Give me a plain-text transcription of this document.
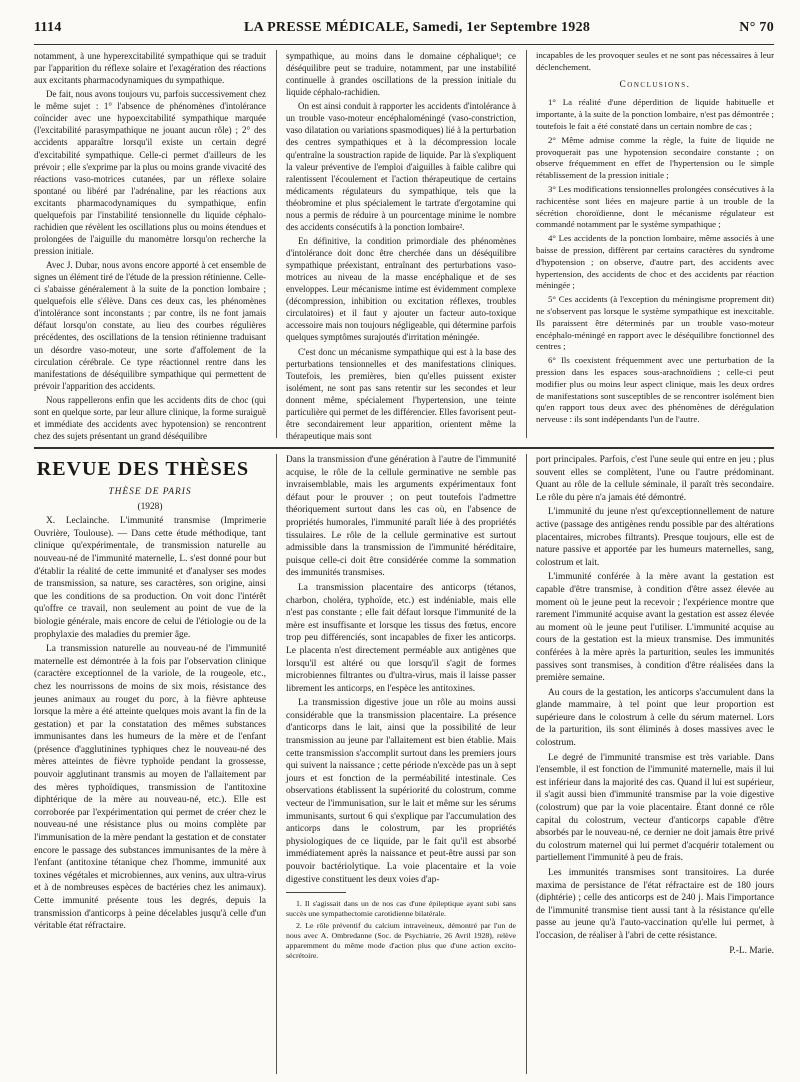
1114	LA PRESSE MÉDICALE, Samedi, 1er Septembre 1928	N° 70

notamment, à une hyperexcitabilité sympathique qui se traduit par l'apparition du réflexe solaire et l'exagération des réactions aux excitants pharmacodynamiques du sympathique.

De fait, nous avons toujours vu, parfois successivement chez le même sujet : 1° l'absence de phénomènes d'intolérance coïncider avec une hypoexcitabilité sympathique marquée (l'excitabilité parasympathique ne jouant aucun rôle) ; 2° des accidents apparaître lorsqu'il existe un certain degré d'excitabilité sympathique. Celle-ci permet d'ailleurs de les prévoir ; elle s'exprime par la plus ou moins grande vivacité des réactions vaso-motrices cutanées, par un réflexe solaire spontané ou libéré par l'adrénaline, par les réactions aux excitants pharmacodynamiques du sympathique, enfin quelquefois par l'instabilité tensionnelle du liquide céphalo-rachidien que révèlent les oscillations plus ou moins étendues et prolongées de l'aiguille du manomètre lorsqu'on recherche la pression initiale.

Avec J. Dubar, nous avons encore apporté à cet ensemble de signes un élément tiré de l'étude de la pression rétinienne. Celle-ci s'abaisse généralement à la suite de la ponction lombaire ; quelquefois elle s'élève. Dans ces deux cas, les phénomènes d'intolérance sont inconstants ; par contre, ils ne font jamais défaut lorsqu'on constate, au lieu des courbes régulières précédentes, des oscillations de la tension rétinienne traduisant un désordre vaso-moteur, une sorte d'affolement de la circulation cérébrale. Ce type réactionnel rentre dans les manifestations de déséquilibre sympathique qui permettent de prévoir l'apparition des accidents.

Nous rappellerons enfin que les accidents dits de choc (qui sont en quelque sorte, par leur allure clinique, la forme suraiguë et immédiate des accidents avec hypotension) se rencontrent chez des sujets présentant un grand déséquilibre

sympathique, au moins dans le domaine céphalique¹; ce déséquilibre peut se traduire, notamment, par une instabilité continuelle à grandes oscillations de la pression initiale du liquide céphalo-rachidien.

On est ainsi conduit à rapporter les accidents d'intolérance à un trouble vaso-moteur encéphaloméningé (vaso-constriction, vaso dilatation ou variations spasmodiques) lié à la perturbation des centres sympathiques et à la décompression locale qu'entraîne la soustraction rapide de liquide. Par là s'expliquent la valeur préventive de l'emploi d'aiguilles à faible calibre qui ralentissent l'écoulement et l'action thérapeutique de certains médicaments régulateurs du sympathique, tels que la théobromine et plus spécialement le tartrate d'ergotamine qui nous a permis de réduire à un pourcentage minime le nombre des accidents consécutifs à la ponction lombaire².

En définitive, la condition primordiale des phénomènes d'intolérance doit donc être cherchée dans un déséquilibre sympathique préexistant, entraînant des perturbations vaso-motrices au niveau de la masse encéphalique et de ses enveloppes. Leur mécanisme intime est évidemment complexe (décompression, inhibition ou excitation réflexes, troubles circulatoires) et il faut y ajouter un facteur auto-toxique accessoire mais non toujours négligeable, qui détermine parfois quelques symptômes surajoutés d'irritation méningée.

C'est donc un mécanisme sympathique qui est à la base des perturbations tensionnelles et des manifestations cliniques. Toutefois, les premières, bien qu'elles puissent exister isolément, ne sont pas sans retentir sur les secondes et leur donnent même, spécialement l'hypertension, une teinte particulière qui permet de les différencier. Elles favorisent peut-être secondairement leur apparition, orientent même la thérapeutique mais sont

incapables de les provoquer seules et ne sont pas nécessaires à leur déclenchement.

Conclusions.

1° La réalité d'une déperdition de liquide habituelle et importante, à la suite de la ponction lombaire, n'est pas démontrée ; toutefois le fait a été constaté dans un certain nombre de cas ;

2° Même admise comme la règle, la fuite de liquide ne provoquerait pas une hypotension secondaire constante ; on observe fréquemment en effet de l'hypertension ou le simple rétablissement de la pression initiale ;

3° Les modifications tensionnelles prolongées consécutives à la rachicentèse sont liées en majeure partie à un trouble de la sécrétion choroïdienne, dont le mécanisme régulateur est commandé notamment par le système sympathique ;

4° Les accidents de la ponction lombaire, même associés à une baisse de pression, diffèrent par certains caractères du syndrome d'hypotension ; on observe, d'autre part, des accidents avec hypertension, des accidents de choc et des accidents par réaction méningée ;

5° Ces accidents (à l'exception du méningisme proprement dit) ne s'observent pas lorsque le système sympathique est inexcitable. Ils paraissent être déterminés par un trouble vaso-moteur encéphalo-méningé en rapport avec le déséquilibre fonctionnel des centres ;

6° Ils coexistent fréquemment avec une perturbation de la pression dans les espaces sous-arachnoïdiens ; celle-ci peut modifier plus ou moins leur aspect clinique, mais les deux ordres de manifestations sont susceptibles de se rencontrer isolément bien qu'en rapport tous deux avec des phénomènes de dérégulation nerveuse : ils sont indépendants l'un de l'autre.

REVUE DES THÈSES

THÈSE DE PARIS

(1928)

X. Leclainche. L'immunité transmise (Imprimerie Ouvrière, Toulouse). — Dans cette étude méthodique, tant clinique qu'expérimentale, de transmission naturelle au nouveau-né de l'immunité maternelle, L. s'est donné pour but d'établir la réalité de cette immunité et d'analyser ses modes de transmission, sa nature, ses caractères, son origine, ainsi que les conditions de sa production. On voit donc l'intérêt qu'offre ce travail, non seulement au point de vue de la biologie générale, mais encore de celui de l'étiologie ou de la prophylaxie des maladies du premier âge.

La transmission naturelle au nouveau-né de l'immunité maternelle est démontrée à la fois par l'observation clinique (caractère exceptionnel de la variole, de la rougeole, etc., chez les nourrissons de moins de six mois, résistance des jeunes animaux au rouget du porc, à la fièvre aphteuse lorsque la mère a été atteinte quelques mois avant la fin de la gestation) et par la constatation des mêmes substances immunisantes dans les humeurs de la mère et de l'enfant (présence d'agglutinines typhiques chez le nouveau-né des mères atteintes de fièvre typhoïde pendant la grossesse, pouvoir agglutinant transmis au moyen de l'allaitement par des mères typhoïdiques, transmission de l'antitoxine diphtérique de la mère au nouveau-né, etc.). Elle est corroborée par l'expérimentation qui permet de créer chez le nouveau-né une résistance plus ou moins complète par l'immunisation de la mère pendant la gestation et de constater encore le passage des substances immunisantes de la mère à l'enfant (antitoxine tétanique chez l'homme, immunité aux toxines végétales et microbiennes, aux venins, aux ultra-virus et à de nombreuses espèces de bactéries chez les animaux). Cette immunité présente tous les degrés, depuis la transmission d'anticorps à peine décelables jusqu'à celle d'un véritable état réfractaire.

Dans la transmission d'une génération à l'autre de l'immunité acquise, le rôle de la cellule germinative ne semble pas invraisemblable, mais les arguments expérimentaux font défaut pour le prouver ; on peut toutefois l'admettre théoriquement surtout dans les cas où, en l'absence de propriétés humorales, l'immunité paraît liée à des propriétés tissulaires. Le rôle de la cellule germinative est surtout admissible dans la transmission de l'immunité héréditaire, puisque celle-ci doit être considérée comme la sommation des immunités transmises.

La transmission placentaire des anticorps (tétanos, charbon, choléra, typhoïde, etc.) est indéniable, mais elle n'est pas constante ; elle fait défaut lorsque l'immunité de la mère est insuffisante et lorsque les tissus des fœtus, encore trop peu différenciés, sont incapables de fixer les anticorps. Le placenta n'est directement perméable aux antigènes que lorsqu'il est altéré ou que lorsqu'il s'agit de formes microbiennes filtrantes ou d'ultra-virus, mais il laisse passer librement les anticorps, en l'espèce les antitoxines.

La transmission digestive joue un rôle au moins aussi considérable que la transmission placentaire. La présence d'anticorps dans le lait, ainsi que la possibilité de leur transmission au jeune par l'allaitement est bien établie. Mais cette transmission s'accomplit surtout dans les premiers jours qui suivent la naissance ; cette période n'excède pas un à sept jours et est fonction de la perméabilité intestinale. Ces observations établissent la supériorité du colostrum, comme vecteur de l'immunisation, sur le lait et même sur les sérums immunisants, surtout 6 qui s'explique par l'accumulation des anticorps dans le colostrum, par les propriétés physiologiques de ce liquide, par le fait qu'il est absorbé immédiatement après la naissance et peut-être aussi par son pouvoir bactériolytique. La voie placentaire et la voie digestive constituent les deux voies d'ap-

1. Il s'agissait dans un de nos cas d'une épileptique ayant subi sans succès une sympathectomie carotidienne bilatérale.

2. Le rôle préventif du calcium intraveineux, démontré par l'un de nous avec A. Ombredanne (Soc. de Psychiatrie, 26 Avril 1928), relève apparemment du même mode d'action plus que d'une action excito-sécrétoire.

port principales. Parfois, c'est l'une seule qui entre en jeu ; plus souvent elles se complètent, l'une ou l'autre prédominant. Quant au rôle de la cellule séminale, il paraît très secondaire. Le rôle du père n'a jamais été démontré.

L'immunité du jeune n'est qu'exceptionnellement de nature active (passage des antigènes rendu possible par des altérations placentaires, microbes filtrants). Presque toujours, elle est de nature passive et apportée par les humeurs maternelles, sang, colostrum et lait.

L'immunité conférée à la mère avant la gestation est capable d'être transmise, à condition d'être assez élevée au moment où le jeune peut la recevoir ; l'expérience montre que rarement l'immunité acquise avant la gestation est assez élevée au moment où le jeune peut l'utiliser. L'immunité acquise au cours de la gestation est la mieux transmise. Des immunités conférées à la mère après la parturition, seules les immunités passives sont transmises, à condition d'être réalisées dans la première semaine.

Au cours de la gestation, les anticorps s'accumulent dans la glande mammaire, à tel point que leur proportion est supérieure dans le colostrum à celle du sérum maternel. Lors de la parturition, ils sont éliminés à doses massives avec le colostrum.

Le degré de l'immunité transmise est très variable. Dans l'ensemble, il est fonction de l'immunité maternelle, mais il lui est inférieur dans la majorité des cas. Quand il lui est supérieur, il s'agit aussi bien d'immunité transmise par la voie digestive (colostrum) que par la voie placentaire. Étant donné ce rôle capital du colostrum, vecteur d'anticorps capable d'être absorbés par le nouveau-né, ce dernier ne doit jamais être privé du colostrum maternel qui lui permet d'acquérir totalement ou partiellement l'immunité à peu de frais.

Les immunités transmises sont transitoires. La durée maxima de persistance de l'état réfractaire est de 180 jours (diphtérie) ; celle des anticorps est de 240 j. Mais l'importance de l'immunité transmise tient aussi tant à la résistance qu'elle passe au jeune qu'à l'auto-vaccination qu'elle lui permet, à l'occasion, de réaliser à l'abri de cette résistance.

P.-L. Marie.
